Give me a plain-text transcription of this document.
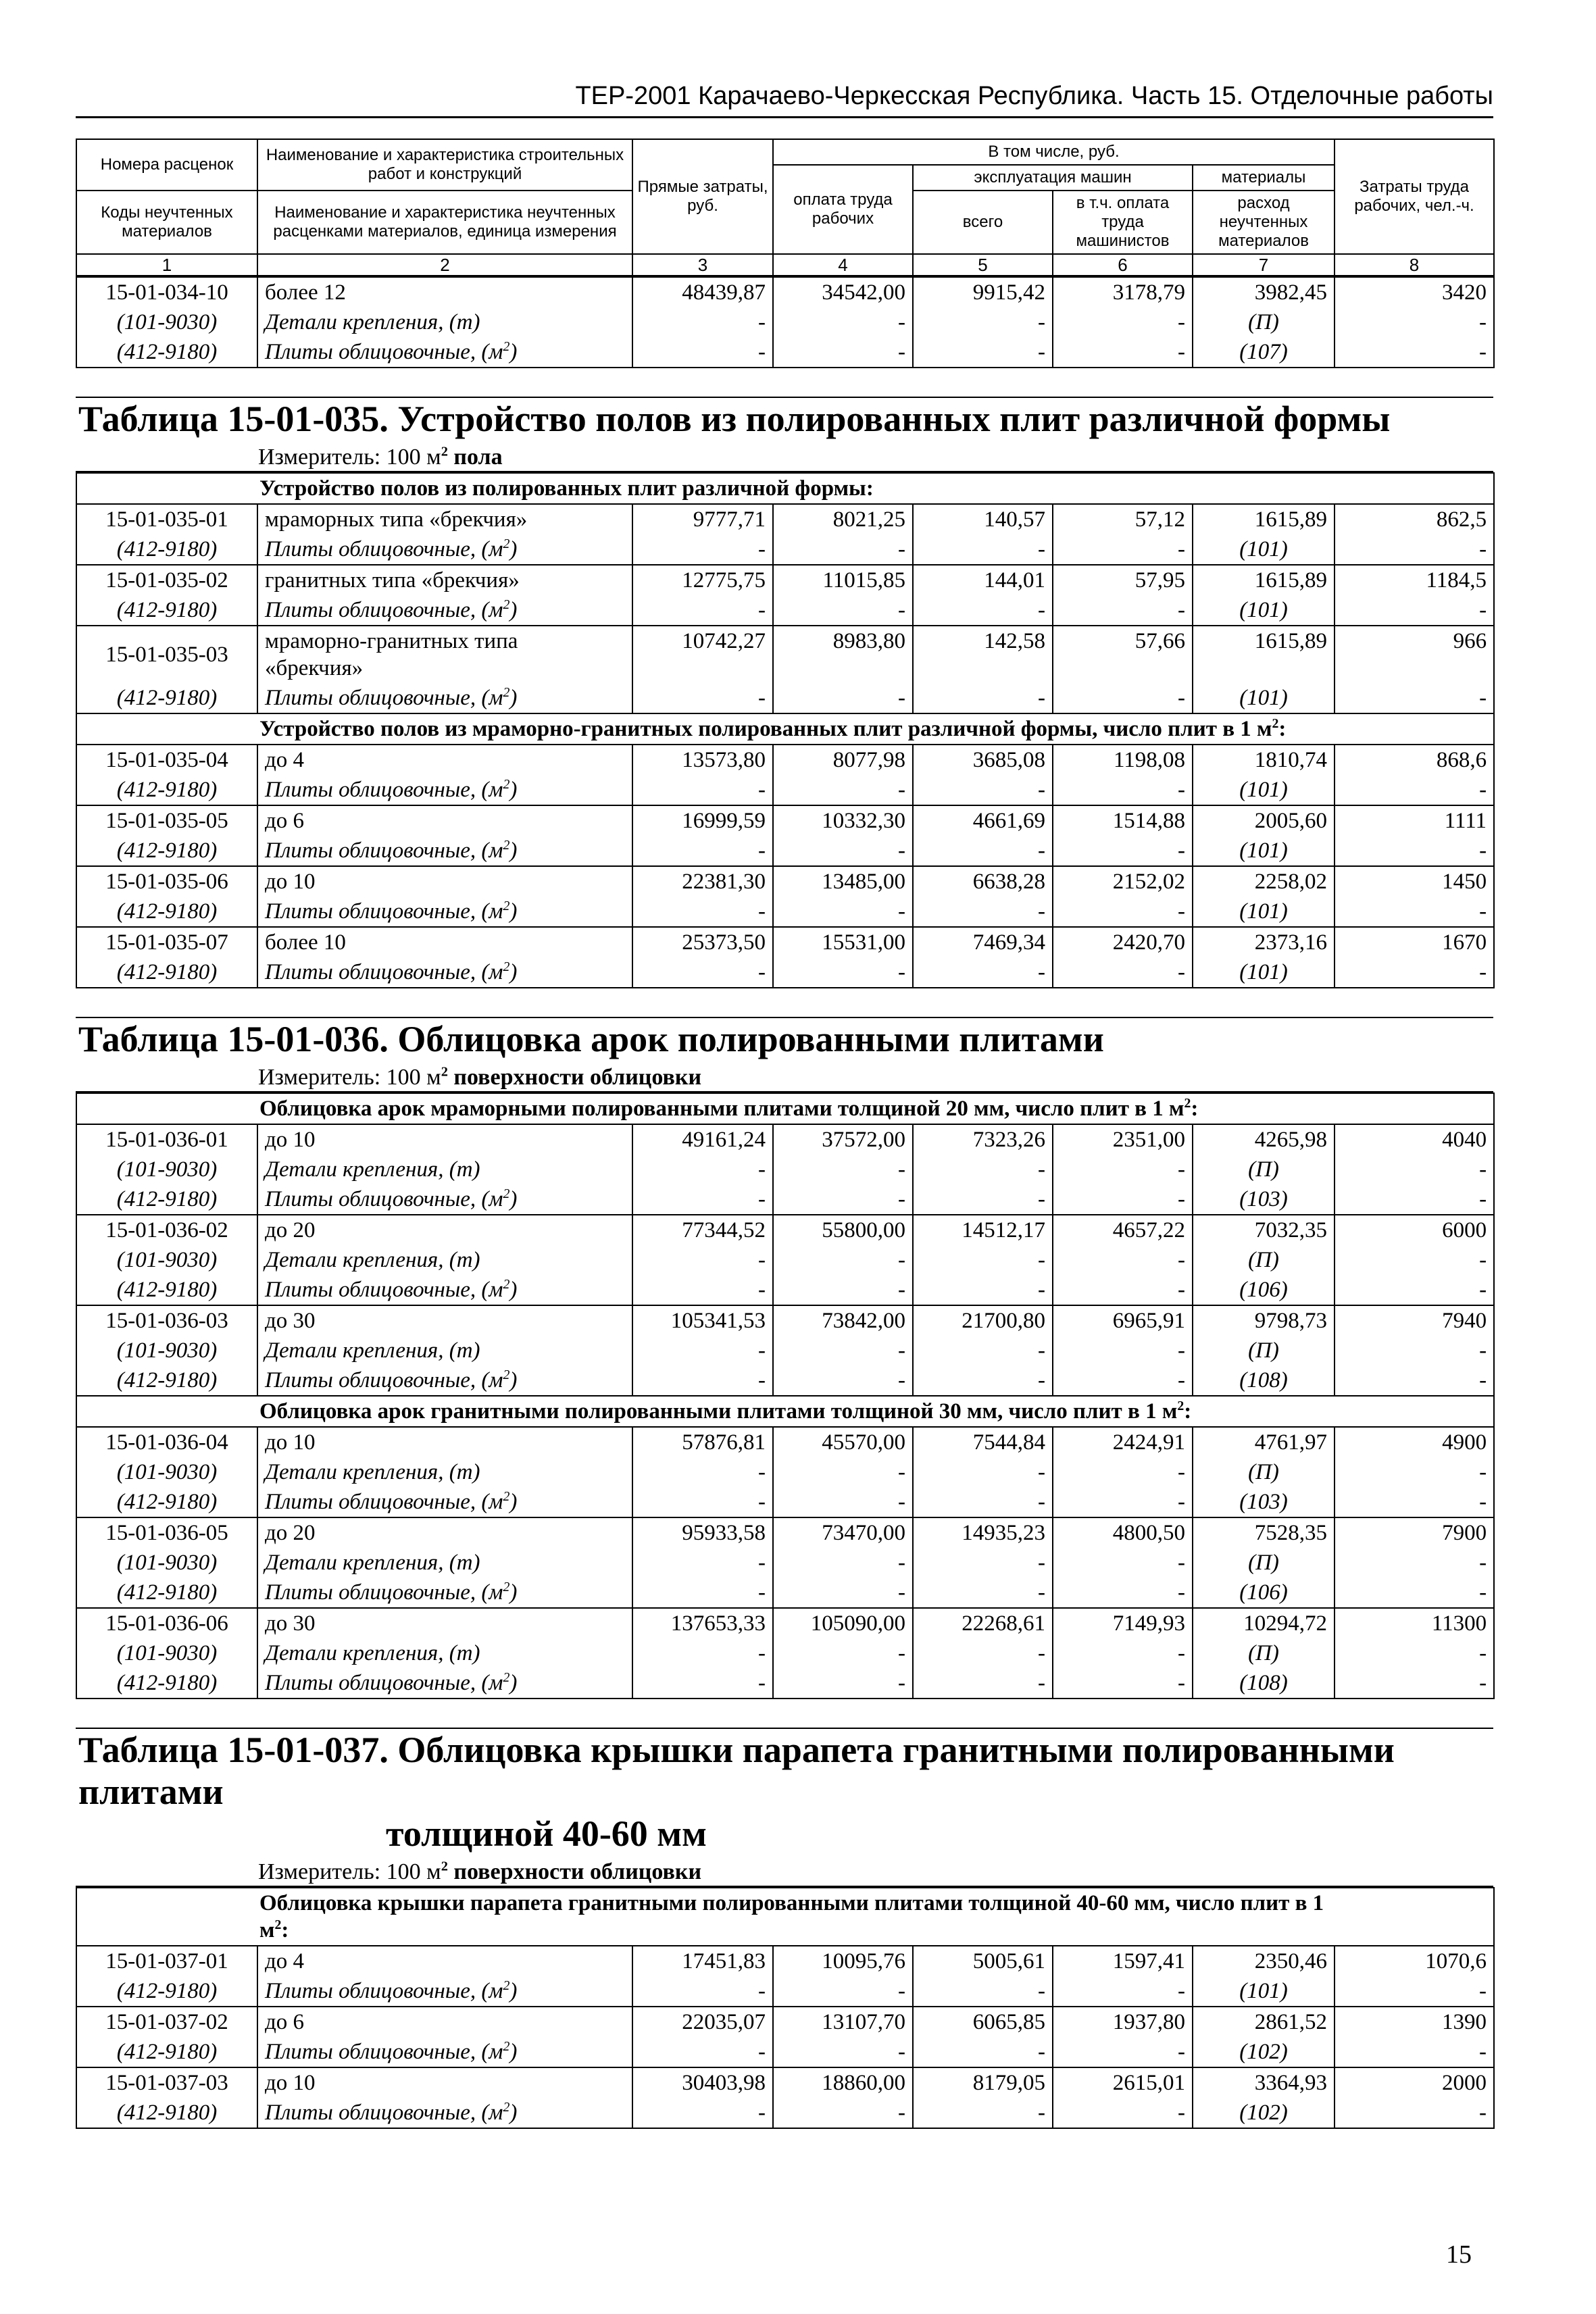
ТЕР-2001 Карачаево-Черкесская Республика. Часть 15. Отделочные работы
Номера расценок	Наименование и характеристика строительных работ и конструкций	Прямые затраты, руб.	В том числе, руб.				Затраты труда рабочих, чел.-ч.
			оплата труда рабочих	эксплуатация машин		материалы	
Коды неучтенных материалов	Наименование и характеристика неучтенных расценками материалов, единица измерения			всего	в т.ч. оплата труда машинистов	расход неучтенных материалов	

1	2	3	4	5	6	7	8
15-01-034-10	более 12	48439,87	34542,00	9915,42	3178,79	3982,45	3420
(101-9030)	Детали крепления, (т)	-	-	-	-	(П)	-
(412-9180)	Плиты облицовочные, $(м^2)$	-	-	-	-	(107)	-
Таблица 15-01-035. Устройство полов из полированных плит различной формы
Измеритель: 100 $м^2$ пола
Устройство полов из полированных плит различной формы:							
15-01-035-01	мраморных типа «брекчия»	9777,71	8021,25	140,57	57,12	1615,89	862,5
(412-9180)	Плиты облицовочные, $(м^2)$	-	-	-	-	(101)	-
15-01-035-02	гранитных типа «брекчия»	12775,75	11015,85	144,01	57,95	1615,89	1184,5
(412-9180)	Плиты облицовочные, $(м^2)$	-	-	-	-	(101)	-
15-01-035-03	мраморно-гранитных типа
«брекчия»	10742,27	8983,80	142,58	57,66	1615,89	966
(412-9180)	Плиты облицовочные, $(м^2)$	-	-	-	-	(101)	-
Устройство полов из мраморно-гранитных полированных плит различной формы, число плит в 1 $м^2$:							
15-01-035-04	до 4	13573,80	8077,98	3685,08	1198,08	1810,74	868,6
(412-9180)	Плиты облицовочные, $(м^2)$	-	-	-	-	(101)	-
15-01-035-05	до 6	16999,59	10332,30	4661,69	1514,88	2005,60	1111
(412-9180)	Плиты облицовочные, $(м^2)$	-	-	-	-	(101)	-
15-01-035-06	до 10	22381,30	13485,00	6638,28	2152,02	2258,02	1450
(412-9180)	Плиты облицовочные, $(м^2)$	-	-	-	-	(101)	-
15-01-035-07	более 10	25373,50	15531,00	7469,34	2420,70	2373,16	1670
(412-9180)	Плиты облицовочные, $(м^2)$	-	-	-	-	(101)	-
Таблица 15-01-036. Облицовка арок полированными плитами
Измеритель: 100 $м^2$ поверхности облицовки
Облицовка арок мраморными полированными плитами толщиной 20 мм, число плит в 1 $м^2$:							
15-01-036-01	до 10	49161,24	37572,00	7323,26	2351,00	4265,98	4040
(101-9030)	Детали крепления, (т)	-	-	-	-	(П)	-
(412-9180)	Плиты облицовочные, $(м^2)$	-	-	-	-	(103)	-
15-01-036-02	до 20	77344,52	55800,00	14512,17	4657,22	7032,35	6000
(101-9030)	Детали крепления, (т)	-	-	-	-	(П)	-
(412-9180)	Плиты облицовочные, $(м^2)$	-	-	-	-	(106)	-
15-01-036-03	до 30	105341,53	73842,00	21700,80	6965,91	9798,73	7940
(101-9030)	Детали крепления, (т)	-	-	-	-	(П)	-
(412-9180)	Плиты облицовочные, $(м^2)$	-	-	-	-	(108)	-
Облицовка арок гранитными полированными плитами толщиной 30 мм, число плит в 1 $м^2$:							
15-01-036-04	до 10	57876,81	45570,00	7544,84	2424,91	4761,97	4900
(101-9030)	Детали крепления, (т)	-	-	-	-	(П)	-
(412-9180)	Плиты облицовочные, $(м^2)$	-	-	-	-	(103)	-
15-01-036-05	до 20	95933,58	73470,00	14935,23	4800,50	7528,35	7900
(101-9030)	Детали крепления, (т)	-	-	-	-	(П)	-
(412-9180)	Плиты облицовочные, $(м^2)$	-	-	-	-	(106)	-
15-01-036-06	до 30	137653,33	105090,00	22268,61	7149,93	10294,72	11300
(101-9030)	Детали крепления, (т)	-	-	-	-	(П)	-
(412-9180)	Плиты облицовочные, $(м^2)$	-	-	-	-	(108)	-
Таблица 15-01-037. Облицовка крышки парапета гранитными полированными плитами
толщиной 40-60 мм
Измеритель: 100 $м^2$ поверхности облицовки
Облицовка крышки парапета гранитными полированными плитами толщиной 40-60 мм, число плит в 1
$м^2$:							
15-01-037-01	до 4	17451,83	10095,76	5005,61	1597,41	2350,46	1070,6
(412-9180)	Плиты облицовочные, $(м^2)$	-	-	-	-	(101)	-
15-01-037-02	до 6	22035,07	13107,70	6065,85	1937,80	2861,52	1390
(412-9180)	Плиты облицовочные, $(м^2)$	-	-	-	-	(102)	-
15-01-037-03	до 10	30403,98	18860,00	8179,05	2615,01	3364,93	2000
(412-9180)	Плиты облицовочные, $(м^2)$	-	-	-	-	(102)	-
15
